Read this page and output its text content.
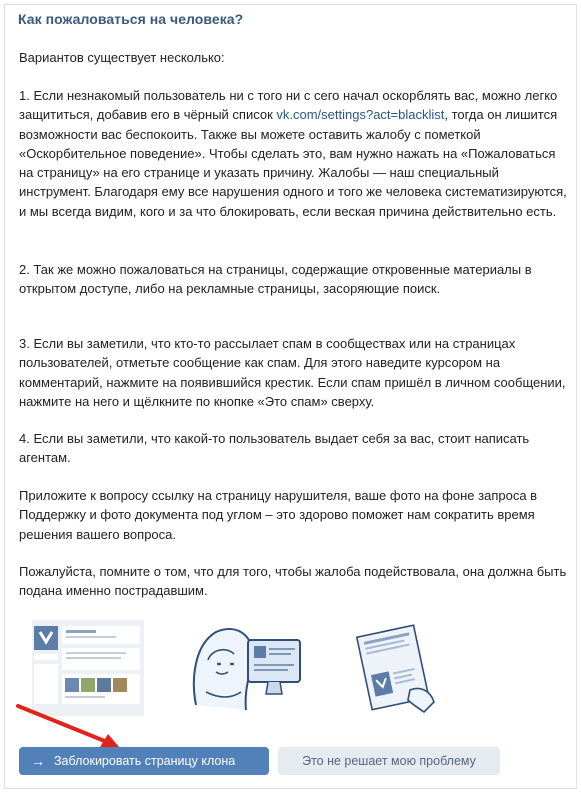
Как пожаловаться на человека?
Вариантов существует несколько:
1. Если незнакомый пользователь ни с того ни с сего начал оскорблять вас, можно легко защититься, добавив его в чёрный список vk.com/settings?act=blacklist, тогда он лишится возможности вас беспокоить. Также вы можете оставить жалобу с пометкой «Оскорбительное поведение». Чтобы сделать это, вам нужно нажать на «Пожаловаться на страницу» на его странице и указать причину. Жалобы — наш специальный инструмент. Благодаря ему все нарушения одного и того же человека систематизируются, и мы всегда видим, кого и за что блокировать, если веская причина действительно есть.
2. Так же можно пожаловаться на страницы, содержащие откровенные материалы в открытом доступе, либо на рекламные страницы, засоряющие поиск.
3. Если вы заметили, что кто-то рассылает спам в сообществах или на страницах пользователей, отметьте сообщение как спам. Для этого наведите курсором на комментарий, нажмите на появившийся крестик. Если спам пришёл в личном сообщении, нажмите на него и щёлкните по кнопке «Это спам» сверху.
4. Если вы заметили, что какой-то пользователь выдает себя за вас, стоит написать агентам.
Приложите к вопросу ссылку на страницу нарушителя, ваше фото на фоне запроса в Поддержку и фото документа под углом – это здорово поможет нам сократить время решения вашего вопроса.
Пожалуйста, помните о том, что для того, чтобы жалоба подействовала, она должна быть подана именно пострадавшим.
→ Заблокировать страницу клона	Это не решает мою проблему
